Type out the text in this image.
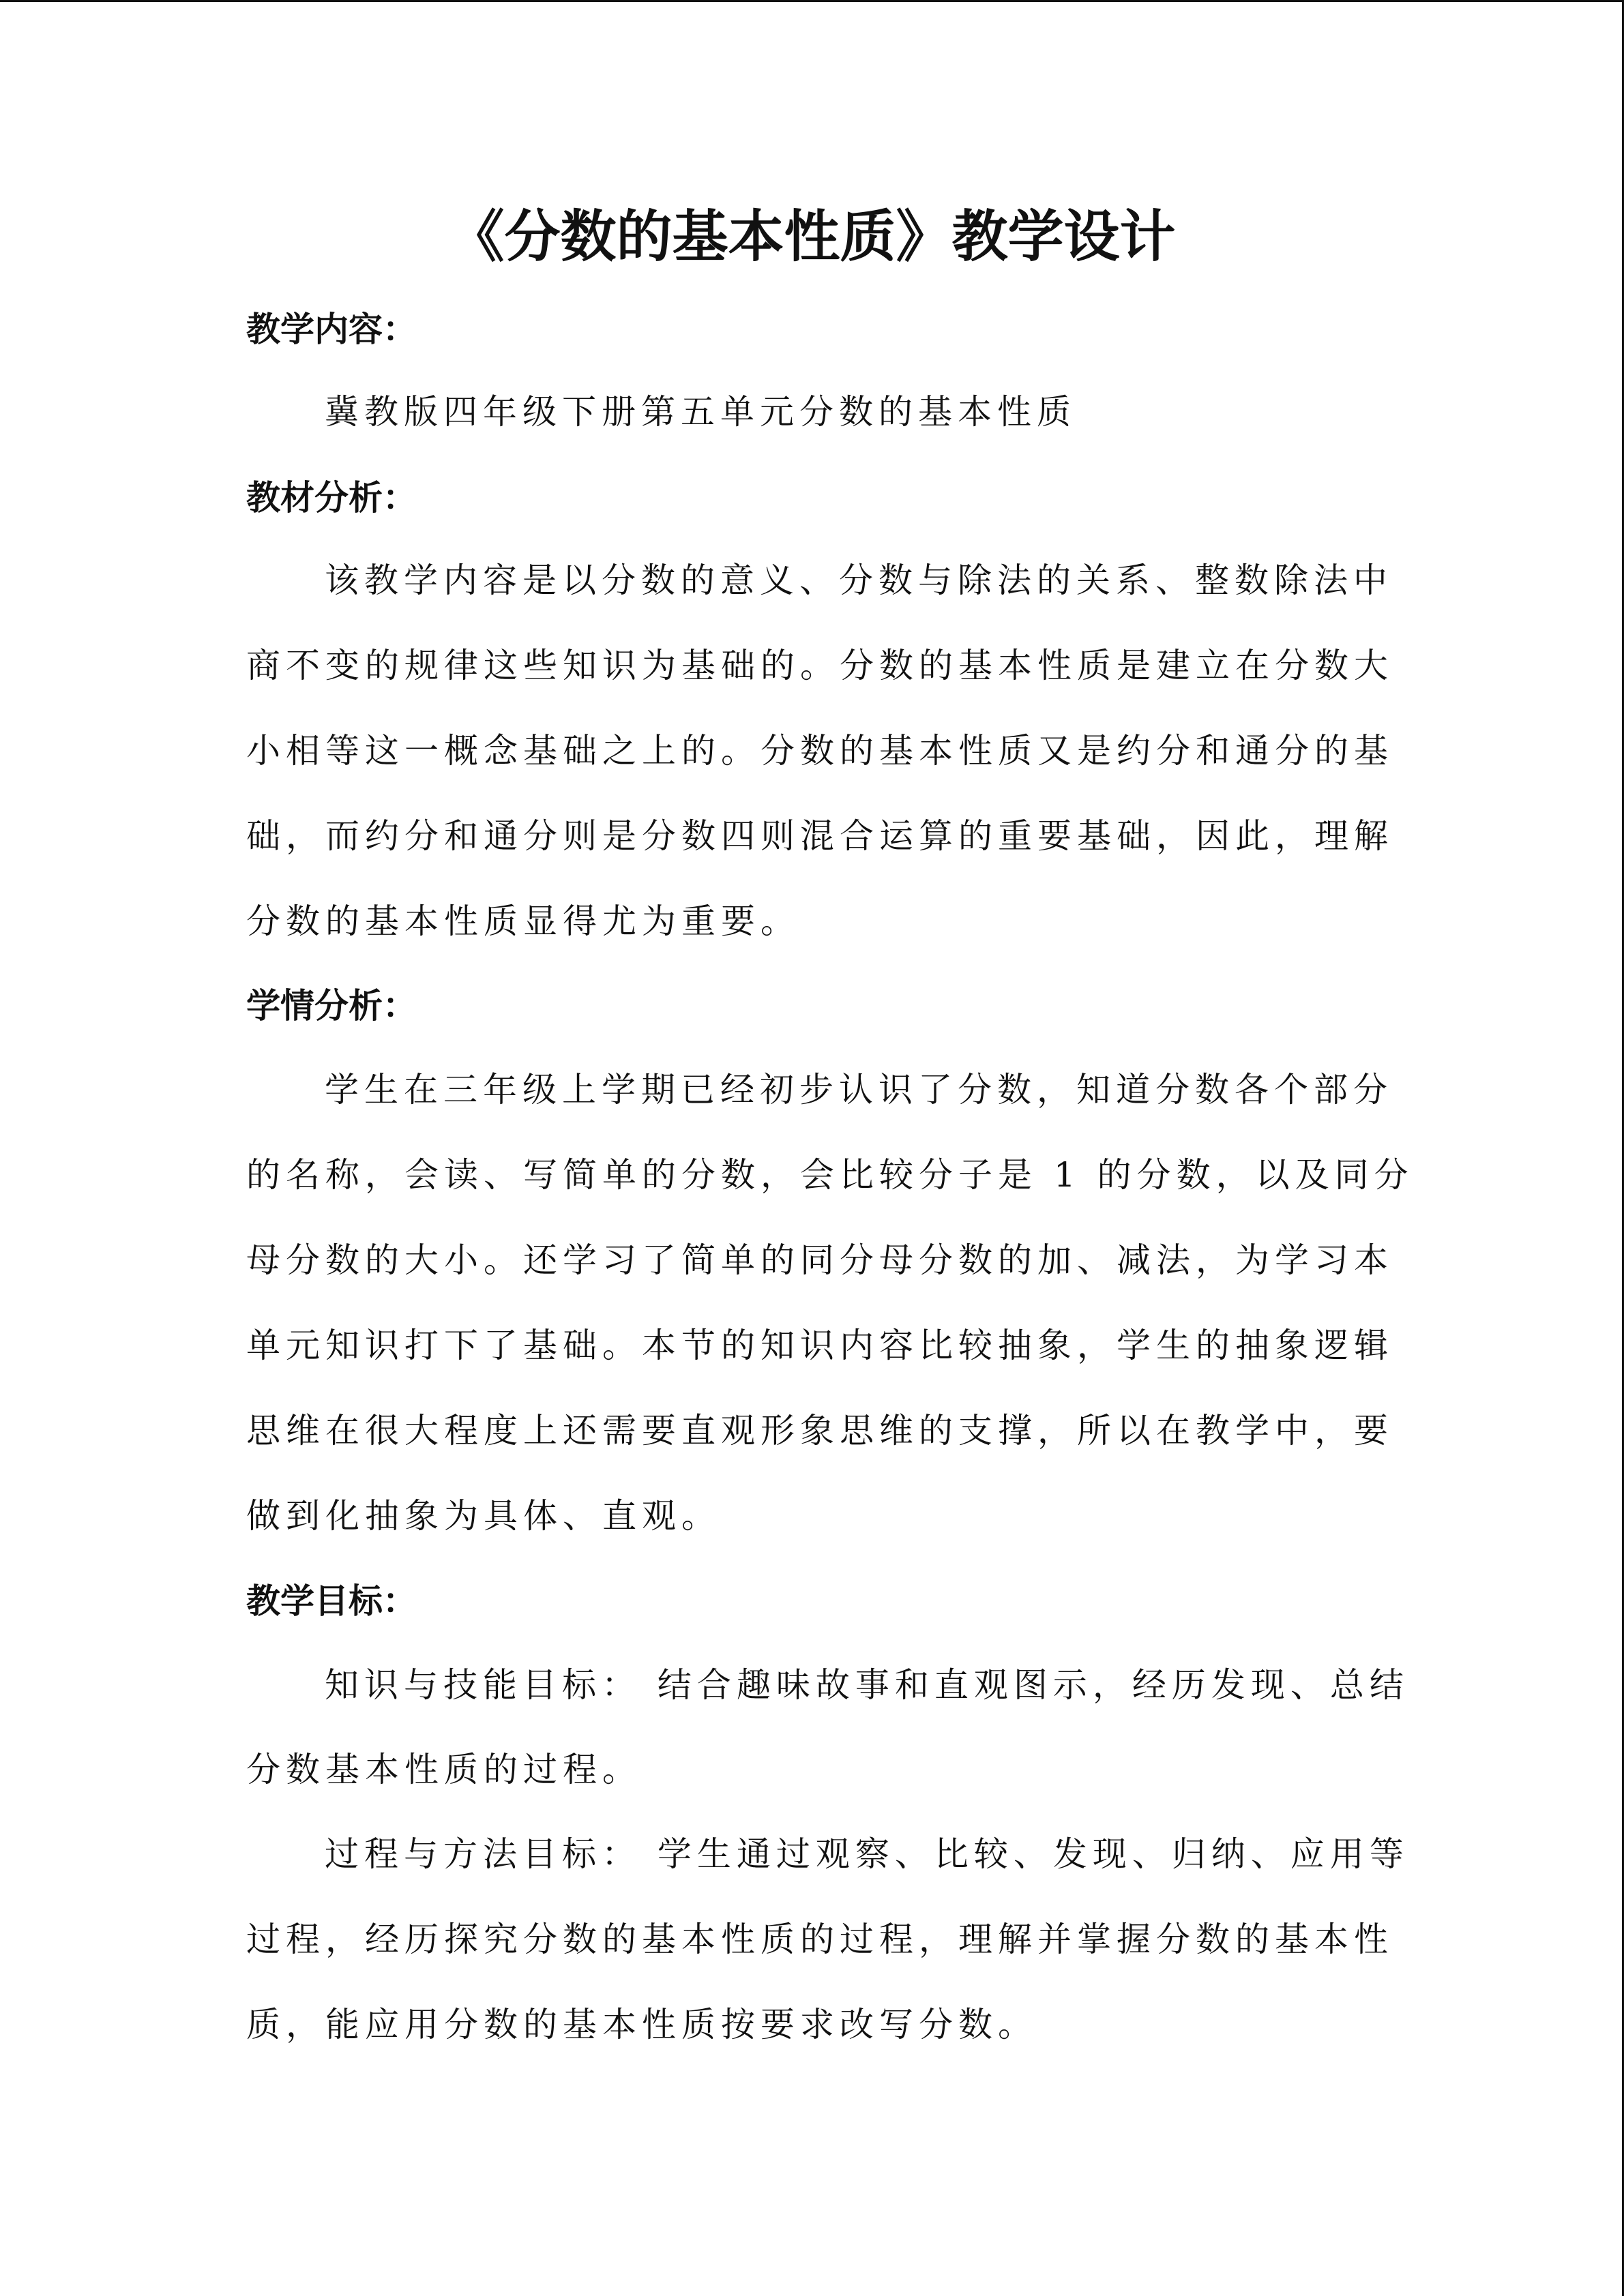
《分数的基本性质》教学设计
教学内容：
冀教版四年级下册第五单元分数的基本性质
教材分析：
该教学内容是以分数的意义、分数与除法的关系、整数除法中
商不变的规律这些知识为基础的。分数的基本性质是建立在分数大
小相等这一概念基础之上的。分数的基本性质又是约分和通分的基
础，而约分和通分则是分数四则混合运算的重要基础，因此，理解
分数的基本性质显得尤为重要。
学情分析：
学生在三年级上学期已经初步认识了分数，知道分数各个部分
的名称，会读、写简单的分数，会比较分子是 1 的分数，以及同分
母分数的大小。还学习了简单的同分母分数的加、减法，为学习本
单元知识打下了基础。本节的知识内容比较抽象，学生的抽象逻辑
思维在很大程度上还需要直观形象思维的支撑，所以在教学中，要
做到化抽象为具体、直观。
教学目标：
知识与技能目标： 结合趣味故事和直观图示，经历发现、总结
分数基本性质的过程。
过程与方法目标： 学生通过观察、比较、发现、归纳、应用等
过程，经历探究分数的基本性质的过程，理解并掌握分数的基本性
质，能应用分数的基本性质按要求改写分数。
